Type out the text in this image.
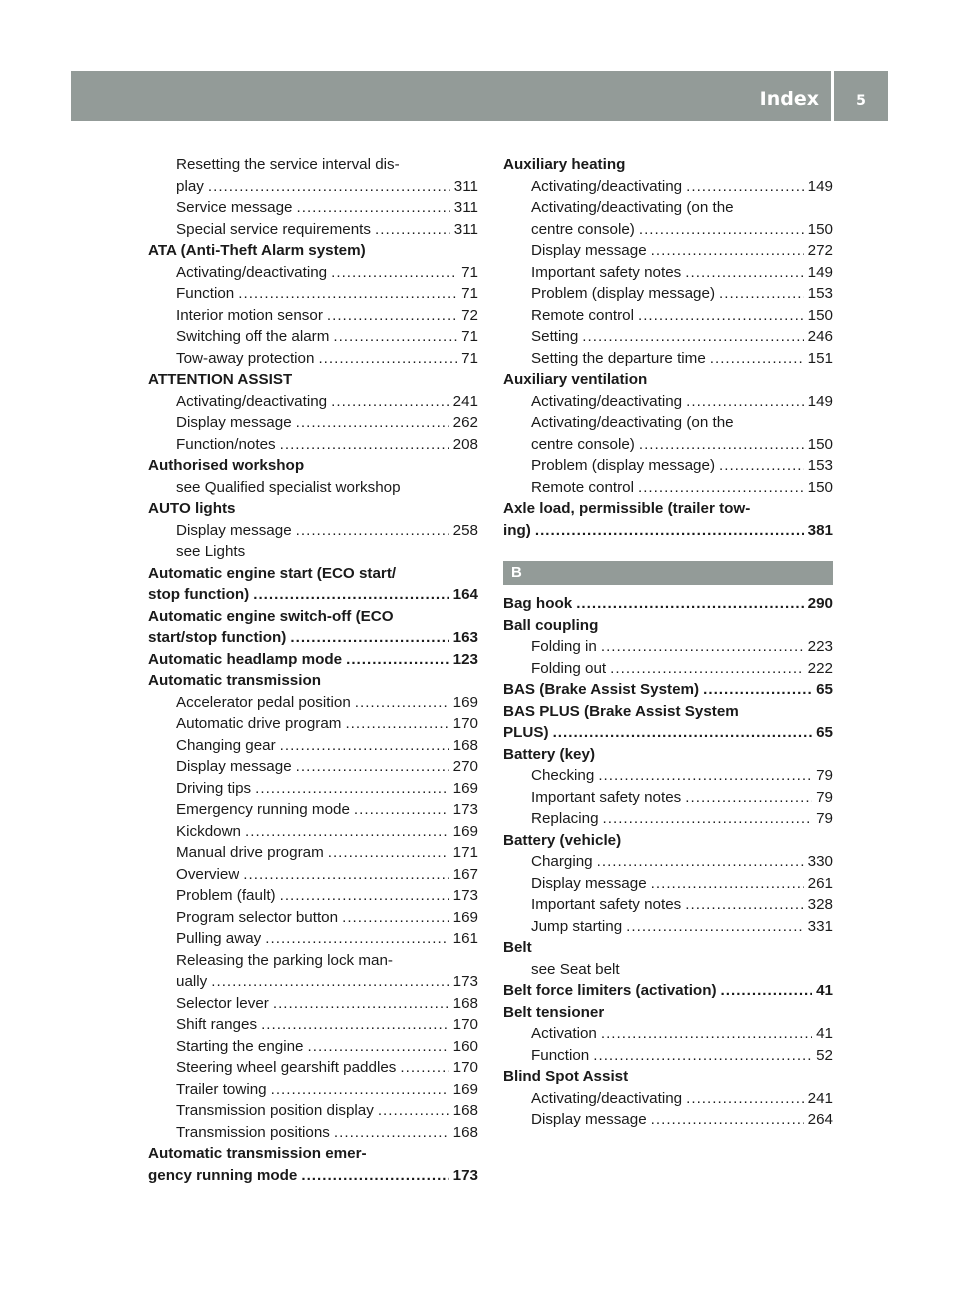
Index	5
Resetting the service interval dis-
play .....	311
Service message .....	311
Special service requirements .....	311
ATA (Anti-Theft Alarm system)
Activating/deactivating .....	71
Function .....	71
Interior motion sensor .....	72
Switching off the alarm .....	71
Tow-away protection .....	71
ATTENTION ASSIST
Activating/deactivating .....	241
Display message .....	262
Function/notes .....	208
Authorised workshop
see Qualified specialist workshop
AUTO lights
Display message .....	258
see Lights
Automatic engine start (ECO start/
stop function) .....	164
Automatic engine switch-off (ECO
start/stop function) .....	163
Automatic headlamp mode .....	123
Automatic transmission
Accelerator pedal position .....	169
Automatic drive program .....	170
Changing gear .....	168
Display message .....	270
Driving tips .....	169
Emergency running mode .....	173
Kickdown .....	169
Manual drive program .....	171
Overview .....	167
Problem (fault) .....	173
Program selector button .....	169
Pulling away .....	161
Releasing the parking lock man-
ually .....	173
Selector lever .....	168
Shift ranges .....	170
Starting the engine .....	160
Steering wheel gearshift paddles .....	170
Trailer towing .....	169
Transmission position display .....	168
Transmission positions .....	168
Automatic transmission emer-
gency running mode .....	173
Auxiliary heating
Activating/deactivating .....	149
Activating/deactivating (on the
centre console) .....	150
Display message .....	272
Important safety notes .....	149
Problem (display message) .....	153
Remote control .....	150
Setting .....	246
Setting the departure time .....	151
Auxiliary ventilation
Activating/deactivating .....	149
Activating/deactivating (on the
centre console) .....	150
Problem (display message) .....	153
Remote control .....	150
Axle load, permissible (trailer tow-
ing) .....	381
B
Bag hook .....	290
Ball coupling
Folding in .....	223
Folding out .....	222
BAS (Brake Assist System) .....	65
BAS PLUS (Brake Assist System
PLUS) .....	65
Battery (key)
Checking .....	79
Important safety notes .....	79
Replacing .....	79
Battery (vehicle)
Charging .....	330
Display message .....	261
Important safety notes .....	328
Jump starting .....	331
Belt
see Seat belt
Belt force limiters (activation) .....	41
Belt tensioner
Activation .....	41
Function .....	52
Blind Spot Assist
Activating/deactivating .....	241
Display message .....	264
